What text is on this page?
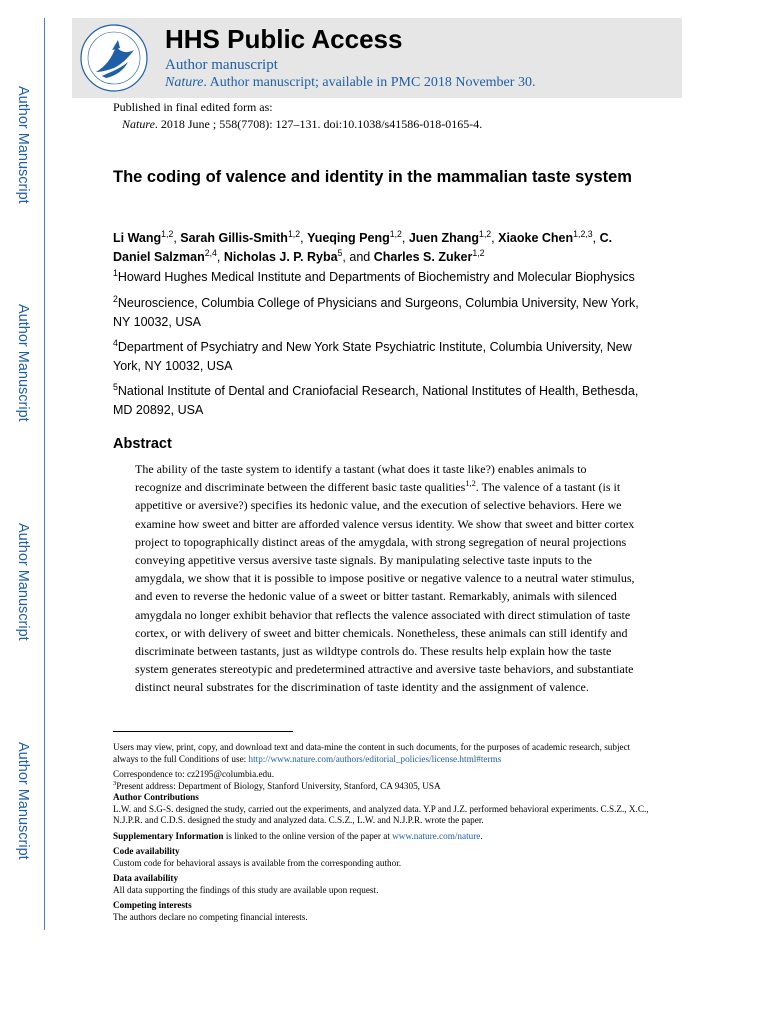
Author Manuscript
Author Manuscript
Author Manuscript
Author Manuscript
HHS Public Access
Author manuscript
Nature. Author manuscript; available in PMC 2018 November 30.
Published in final edited form as:
Nature. 2018 June ; 558(7708): 127–131. doi:10.1038/s41586-018-0165-4.
The coding of valence and identity in the mammalian taste system
Li Wang$^{1,2}$, Sarah Gillis-Smith$^{1,2}$, Yueqing Peng$^{1,2}$, Juen Zhang$^{1,2}$, Xiaoke Chen$^{1,2,3}$, C. Daniel Salzman$^{2,4}$, Nicholas J. P. Ryba$^5$, and Charles S. Zuker$^{1,2}$
$^1$Howard Hughes Medical Institute and Departments of Biochemistry and Molecular Biophysics
$^2$Neuroscience, Columbia College of Physicians and Surgeons, Columbia University, New York, NY 10032, USA
$^4$Department of Psychiatry and New York State Psychiatric Institute, Columbia University, New York, NY 10032, USA
$^5$National Institute of Dental and Craniofacial Research, National Institutes of Health, Bethesda, MD 20892, USA
Abstract
The ability of the taste system to identify a tastant (what does it taste like?) enables animals to recognize and discriminate between the different basic taste qualities$^{1,2}$. The valence of a tastant (is it appetitive or aversive?) specifies its hedonic value, and the execution of selective behaviors. Here we examine how sweet and bitter are afforded valence versus identity. We show that sweet and bitter cortex project to topographically distinct areas of the amygdala, with strong segregation of neural projections conveying appetitive versus aversive taste signals. By manipulating selective taste inputs to the amygdala, we show that it is possible to impose positive or negative valence to a neutral water stimulus, and even to reverse the hedonic value of a sweet or bitter tastant. Remarkably, animals with silenced amygdala no longer exhibit behavior that reflects the valence associated with direct stimulation of taste cortex, or with delivery of sweet and bitter chemicals. Nonetheless, these animals can still identify and discriminate between tastants, just as wildtype controls do. These results help explain how the taste system generates stereotypic and predetermined attractive and aversive taste behaviors, and substantiate distinct neural substrates for the discrimination of taste identity and the assignment of valence.
Users may view, print, copy, and download text and data-mine the content in such documents, for the purposes of academic research, subject always to the full Conditions of use: http://www.nature.com/authors/editorial_policies/license.html#terms
Correspondence to: cz2195@columbia.edu.
$^3$Present address: Department of Biology, Stanford University, Stanford, CA 94305, USA
Author Contributions
L.W. and S.G-S. designed the study, carried out the experiments, and analyzed data. Y.P and J.Z. performed behavioral experiments. C.S.Z., X.C., N.J.P.R. and C.D.S. designed the study and analyzed data. C.S.Z., L.W. and N.J.P.R. wrote the paper.
Supplementary Information is linked to the online version of the paper at www.nature.com/nature.
Code availability
Custom code for behavioral assays is available from the corresponding author.
Data availability
All data supporting the findings of this study are available upon request.
Competing interests
The authors declare no competing financial interests.
